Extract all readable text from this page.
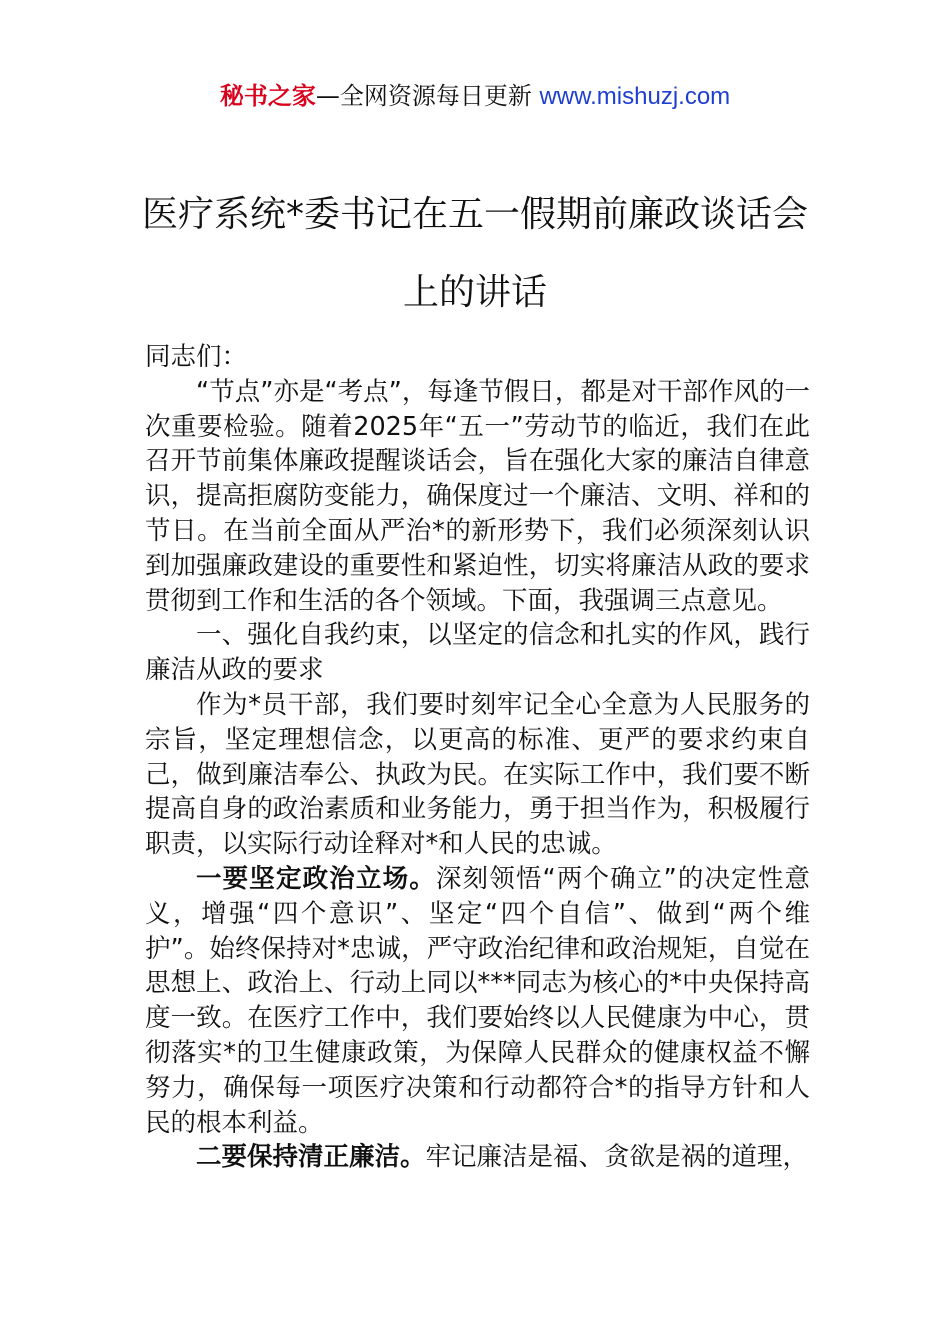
秘书之家—全网资源每日更新 www.mishuzj.com
医疗系统*委书记在五一假期前廉政谈话会
上的讲话

同志们：

“节点”亦是“考点”，每逢节假日，都是对干部作风的一次重要检验。随着2025年“五一”劳动节的临近，我们在此召开节前集体廉政提醒谈话会，旨在强化大家的廉洁自律意识，提高拒腐防变能力，确保度过一个廉洁、文明、祥和的节日。在当前全面从严治*的新形势下，我们必须深刻认识到加强廉政建设的重要性和紧迫性，切实将廉洁从政的要求贯彻到工作和生活的各个领域。下面，我强调三点意见。

一、强化自我约束，以坚定的信念和扎实的作风，践行廉洁从政的要求

作为*员干部，我们要时刻牢记全心全意为人民服务的宗旨，坚定理想信念，以更高的标准、更严的要求约束自己，做到廉洁奉公、执政为民。在实际工作中，我们要不断提高自身的政治素质和业务能力，勇于担当作为，积极履行职责，以实际行动诠释对*和人民的忠诚。

一要坚定政治立场。深刻领悟“两个确立”的决定性意义，增强“四个意识”、坚定“四个自信”、做到“两个维护”。始终保持对*忠诚，严守政治纪律和政治规矩，自觉在思想上、政治上、行动上同以***同志为核心的*中央保持高度一致。在医疗工作中，我们要始终以人民健康为中心，贯彻落实*的卫生健康政策，为保障人民群众的健康权益不懈努力，确保每一项医疗决策和行动都符合*的指导方针和人民的根本利益。

二要保持清正廉洁。牢记廉洁是福、贪欲是祸的道理，
